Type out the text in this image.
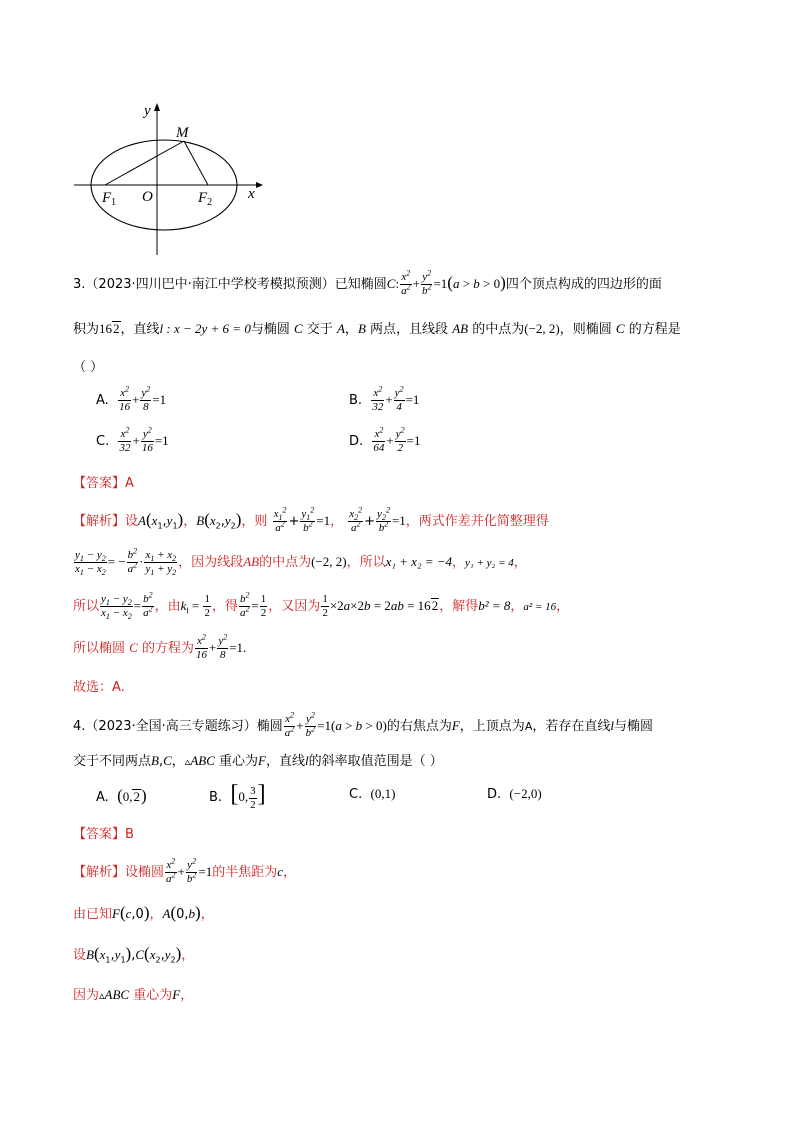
y
x
M
O
$F_1$	$F_2$
3.（2023·四川巴中·南江中学校考模拟预测）已知椭圆C: $\frac{x^2}{a^2} + \frac{y^2}{b^2} =1(a > b > 0)$四个顶点构成的四边形的面
积为162，直线l : x − 2y + 6 = 0与椭圆 C 交于 A，B 两点，且线段 AB 的中点为(−2, 2)，则椭圆 C 的方程是
（ ）
A. $\frac{x^2}{16} + \frac{y^2}{8} =1$	B. $\frac{x^2}{32} + \frac{y^2}{4} =1$
C. $\frac{x^2}{32} + \frac{y^2}{16} =1$	D. $\frac{x^2}{64} + \frac{y^2}{2} =1$
【答案】A
【解析】设$A(x_1,y_1)$，$B(x_2,y_2)$，则 $\frac{x_1^2}{a^2} + \frac{y_1^2}{b^2} =1$， $\frac{x_2^2}{a^2} + \frac{y_2^2}{b^2} =1$，两式作差并化简整理得
$\frac{y_1 - y_2}{x_1 - x_2}$ = − $\frac{b^2}{a^2} \cdot \frac{x_1 + x_2}{y_1 + y_2}$ ，因为线段AB的中点为(−2, 2)，所以x₁ + x₂ = −4，y₁ + y₂ = 4，
所以 $\frac{y_1 - y_2}{x_1 - x_2} = \frac{b^2}{a^2}$ ，由$k_l = \frac{1}{2}$ ，得 $\frac{b^2}{a^2} = \frac{1}{2}$ ，又因为 $\frac{1}{2} \times 2a\times 2b = 2ab = 162$，解得b² = 8，a² = 16，
所以椭圆 C 的方程为 $\frac{x^2}{16} + \frac{y^2}{8} =1$.
故选：A.
4.（2023·全国·高三专题练习）椭圆 $\frac{x^2}{a^2} + \frac{y^2}{b^2} =1(a > b > 0)$的右焦点为F，上顶点为A，若存在直线l与椭圆
交于不同两点B,C，▵ABC 重心为F，直线l的斜率取值范围是（ ）
A. (0,2)	B. [0, $\frac{3}{2}$ ]	C. (0,1)	D. (−2,0)
【答案】B
【解析】设椭圆 $\frac{x^2}{a^2} + \frac{y^2}{b^2} =1$的半焦距为c，
由已知F(c,0)，A(0,b)，
设$B(x_1,y_1),C(x_2,y_2)$，
因为▵ABC 重心为F，
